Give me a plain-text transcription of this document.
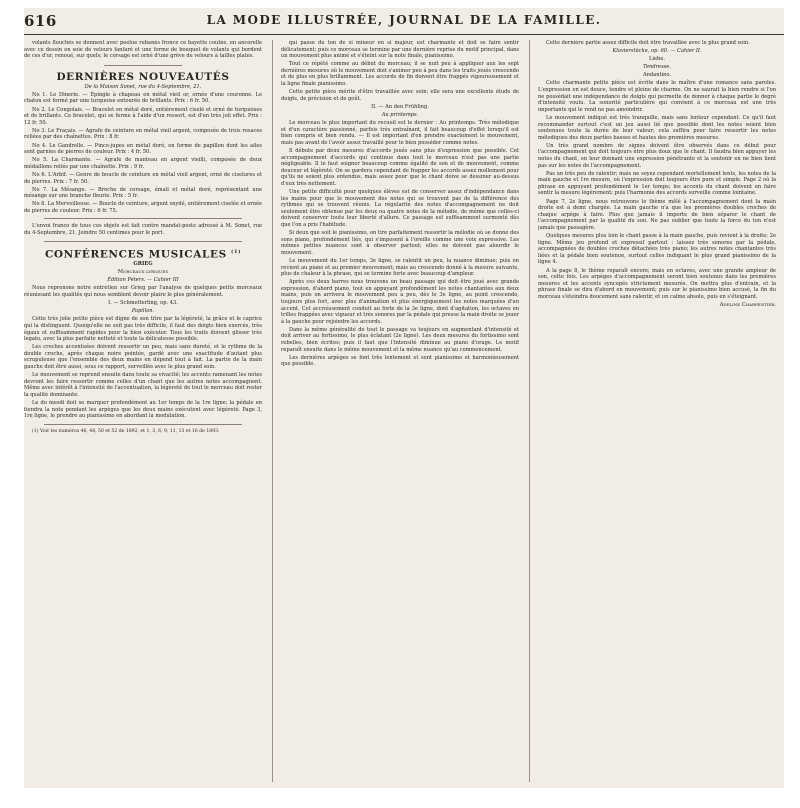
616	LA MODE ILLUSTRÉE, JOURNAL DE LA FAMILLE.

volants flouchés se donnent avec peelue rubanés fronce ce bayette coutée, en ancorelle avec ce dessin en soie de velours fanfaré et une forme de bouquet de volants qui bordent de ces d'ur, renoué, sur quels; le corsage est orné d'une grève de velours à tailles plates.

DERNIÈRES NOUVEAUTÉS

De la Maison Sonet, rue du 4-Septembre, 21.

No 1. Le Dinerie. — Épingle à chapeau en métal vieil or, ornée d'une couronne. Le chaton est formé par une turquoise entourée de brillants. Prix : 6 fr. 50.

No 2. Le Congolais. — Bracelet en métal doré, entièrement ciselé et orné de turquoises et de brillants. Ce bracelet, qui se ferme à l'aide d'un ressort, est d'un très joli effet. Prix : 12 fr. 50.

No 3. Le Fraçais. — Agrafe de ceinture en métal vieil argent, composée de trois rosaces reliées par des chaînettes. Prix : 8 fr.

No 4. Le Gandrelle. — Pince-jupes en métal doré, en forme de papillon dont les ailes sont garnies de pierres de couleur. Prix : 4 fr. 50.

No 5. La Charmante. — Agrafe de manteau en argent vieilli, composée de deux médaillons reliés par une chaînette. Prix : 9 fr.

No 6. L'Arbif. — Genre de boucle de ceinture en métal vieil argent, orné de ciselures et de pierres. Prix : 7 fr. 50.

No 7. La Mésange. — Broche de corsage, émail et métal doré, représentant une mésange sur une branche fleurie. Prix : 5 fr.

No 8. La Merveilleuse. — Boucle de ceinture, argent oxydé, entièrement ciselée et ornée de pierres de couleur. Prix : 6 fr. 75.

L'envoi franco de tous ces objets est fait contre mandat-poste adressé à M. Sonet, rue du 4-Septembre, 21. Joindre 50 centimes pour le port.

CONFÉRENCES MUSICALES $^{(1)}$

GRIEG

Morceaux lyriques

Édition Peters. — Cahier III

Nous reprenons notre entretien sur Grieg par l'analyse de quelques petits morceaux réunissant les qualités qui nous semblent devoir plaire le plus généralement.

I. — Schmetterling, op. 43.

Papillon.

Cette très jolie petite pièce est digne de son titre par la légèreté, la grâce et le caprice qui la distinguent. Quoiqu'elle ne soit pas très difficile, il faut des doigts bien exercés, très égaux et suffisamment rapides pour la bien exécuter. Tous les traits doivent glisser très legato, avec la plus parfaite netteté et toute la délicatesse possible.

Les croches accentuées doivent ressortir un peu, mais sans dureté, et le rythme de la double croche, après chaque noire pointée, gardé avec une exactitude d'autant plus scrupuleuse que l'ensemble des deux mains en dépend tout à fait. La partie de la main gauche doit être aussi, sous ce rapport, surveillée avec le plus grand soin.

Le mouvement se reprend ensuite dans toute sa vivacité; les accents ramenant les notes devront les faire ressortir comme celles d'un chant que les autres notes accompagnent. Même avec intérêt à l'intensité de l'accentuation, la légèreté de tout le morceau doit rester la qualité dominante.

Le do mesdi doit se marquer profondément au 1er temps de la 1re ligne; la pédale en tiendra la note pendant les arpèges que les deux mains exécutent avec légèreté. Page 3, 1re ligne, le prendre au pianissimo en abordant la modulation.

(1) Voir les numéros 46, 48, 50 et 52 de 1892, et 1, 3, 6, 9, 11, 13 et 16 de 1893.

qui passe du ton de si mineur en si majeur, est charmante et doit se faire sentir délicatement; puis ce morceau se termine par une dernière reprise du motif principal, dans un mouvement plus animé et s'éteint sur la note finale, pianissimo.

Tout ce répété comme au début du morceau; il se nuit peu à appliquer aux les sept dernières mesures où le mouvement doit s'animer peu à peu dans les traits joués crescendo et de plus en plus brillamment. Les accords de fin doivent être frappés vigoureusement et la ligne finale pianissimo.

Cette petite pièce mérite d'être travaillée avec soin; elle sera une excellente étude de doigts, de précision et de goût.

II. — An den Frühling.

Au printemps.

Le morceau le plus important du recueil est le dernier : Au printemps. Très mélodique et d'un caractère passionné, parfois très entraînant, il fait beaucoup d'effet lorsqu'il est bien compris et bien rendu. — Il est important d'en prendre exactement le mouvement, mais pas avant de l'avoir assez travaillé pour le bien posséder comme notes.

Il débute par deux mesures d'accords joués sans plus d'expression que possible. Cet accompagnement d'accords qui continue dans tout le morceau n'est pas une partie négligeable. Il le faut soigner beaucoup comme égalité de son et de mouvement, comme douceur et légèreté. On se gardera cependant de frapper les accords assez mollement pour qu'ils ne soient plus entendus, mais assez pour que le chant doive se dessiner au-dessus d'eux très nettement.

Une petite difficulté pour quelques élèves est de conserver assez d'indépendance dans les mains pour que le mouvement des notes qui se trouvent pas de la différence des rythmes qui se trouvent réunis. La régularité des notes d'accompagnement ne doit seulement être obtenue par les deux ou quatre notes de la mélodie, de même que celles-ci doivent conserver toute leur liberté d'allure. Ce passage est suffisamment surmonté dès que l'on a pris l'habitude.

Si deux que soit le pianissimo, on tire parfaitement ressortir la mélodie où se donne des sons piano, profondément liés, qui s'imposent à l'oreille comme une voix expressive. Les mêmes petites nuances sont à observer partout; elles ne doivent pas alourdir le mouvement.

Le mouvement du 1er temps, 3e ligne, se ralentit un peu, la nuance diminue; puis on revient au piano et au premier mouvement; mais au crescendo donné à la mesure suivante, plus de chaleur à la phrase, qui se termine forte avec beaucoup d'ampleur.

Après ces deux barres nous trouvons un beau passage qui doit être joué avec grande expression, d'abord piano, tout en appuyant profondément les notes chantantes aux deux mains, puis on arrivera le mouvement peu à peu, dès le 3e ligne, au point crescendo, toujours plus fort, avec plus d'animation et plus énergiquement les notes marquées d'un accent. Cet accroissement conduit au forte de la 3e ligne, dont d'agitation, les octaves en trilles frappées avec vigueur et très sonores par la pédale qui presse la main droite se jouer à la gauche pour rejoindre les accords.

Dans la même généralité de tout le passage va toujours en augmentant d'intensité et doit arriver au fortissimo, le plus éclatant (2e ligne). Les deux mesures du fortissimo sont rebelles, bien écrites; puis il faut que l'intensité diminue au piano d'orage. Le motif reparaît ensuite dans le même mouvement et la même nuance qu'au commencement.

Les dernières arpèges se font très lentement et sont pianissimo et harmonieusement que possible.

Cette dernière partie assez difficile doit être travaillée avec le plus grand soin.

Klavierstücke, op. 60. — Cahier II.

Liebe.

Tendresse.

Andantino.

Cette charmante petite pièce est écrite dans le maître d'une romance sans paroles. L'expression en est douce, tendre et pleine de charme. On ne saurait la bien rendre si l'on ne possédait une indépendance de doigts qui permette de donner à chaque partie le degré d'intensité voulu. La sonorité particulière qui convient à ce morceau est une très importante qui le rend ne pas amoindrir.

Le mouvement indiqué est très tranquille, mais sans lenteur cependant. Ce qu'il faut recommander surtout c'est un jeu aussi lié que possible dont les notes soient bien soutenues toute la durée de leur valeur; cela suffira pour faire ressortir les notes mélodiques des deux parties basses et hautes des premières mesures.

Un très grand nombre de signes doivent être observés dans ce début pour l'accompagnement qui doit toujours être plus doux que le chant. Il faudra bien appuyer les notes du chant, en leur donnant une expression pénétrante et la soutenir en ne bien lient pas sur les notes de l'accompagnement.

Pas un très peu de ralentir; mais ne soyez cependant mortellement lents, les notes de la main gauche et 1re mesure, où l'expression doit toujours être pure et simple. Page 2 où la phrase en appuyant profondément le 1er temps; les accents du chant doivent en faire sentir la mesure légèrement; puis l'harmonie des accords surveille comme lointaine.

Page 7, 2e ligne, nous retrouvons le thème mêlé à l'accompagnement dont la main droite est à demi chargée. La main gauche n'a que les premières doubles croches de chaque arpège à faire. Plus que jamais il importe de bien séparer le chant de l'accompagnement par la qualité du son. Ne pas oublier que toute la force du ton n'est jamais que passagère.

Quelques mesures plus loin le chant passe à la main gauche, puis revient à la droite; 2e ligne. Même jeu profond et expressif partout : laissez très sonores par la pédale, accompagnées de doubles croches détachées très piano; les autres notes chantantes très liées et la pédale bien soutenue, surtout celles indiquant le plus grand pianissimo de la ligne 4.

A la page 8, le thème reparaît encore; mais en octaves, avec une grande ampleur de son, cette fois. Les arpèges d'accompagnement seront bien soutenus dans les premières mesures et les accents syncopés strictement mesurés. On mettra plus d'entrain, et la phrase finale se dira d'abord en mouvement; puis sur le pianissimo bien accusé, la fin du morceau s'éteindra doucement sans ralentir, et un calme absolu, puis en s'éteignant.

Adeline Charpentier.
